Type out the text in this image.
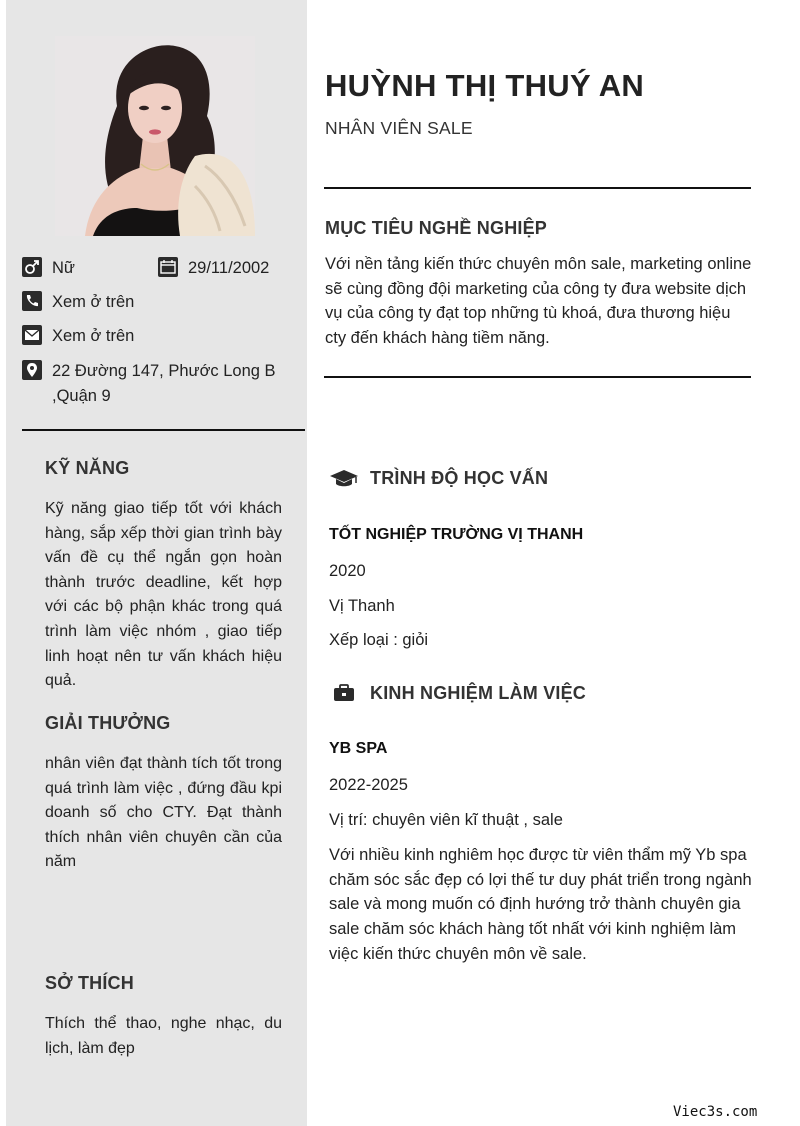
Nữ	29/11/2002
Xem ở trên
Xem ở trên
22 Đường 147, Phước Long B
,Quận 9
KỸ NĂNG
Kỹ năng giao tiếp tốt với khách hàng, sắp xếp thời gian trình bày vấn đề cụ thể ngắn gọn hoàn thành trước deadline, kết hợp với các bộ phận khác trong quá trình làm việc nhóm , giao tiếp linh hoạt nên tư vấn khách hiệu quả.
GIẢI THƯỞNG
nhân viên đạt thành tích tốt trong quá trình làm việc , đứng đầu kpi doanh số cho CTY. Đạt thành thích nhân viên chuyên cần của năm
SỞ THÍCH
Thích thể thao, nghe nhạc, du lịch, làm đẹp
HUỲNH THỊ THUÝ AN
NHÂN VIÊN SALE
MỤC TIÊU NGHỀ NGHIỆP
Với nền tảng kiến thức chuyên môn sale, marketing online sẽ cùng đồng đội marketing của công ty đưa website dịch vụ của công ty đạt top những tù khoá, đưa thương hiệu cty đến khách hàng tiềm năng.
TRÌNH ĐỘ HỌC VẤN
TỐT NGHIỆP TRƯỜNG VỊ THANH
2020
Vị Thanh
Xếp loại : giỏi
KINH NGHIỆM LÀM VIỆC
YB SPA
2022-2025
Vị trí: chuyên viên kĩ thuật , sale
Với nhiều kinh nghiêm học được từ viên thẩm mỹ Yb spa chăm sóc sắc đẹp có lợi thế tư duy phát triển trong ngành sale và mong muốn có định hướng trở thành chuyên gia sale chăm sóc khách hàng tốt nhất với kinh nghiệm làm việc kiến thức chuyên môn về sale.
Viec3s.com
